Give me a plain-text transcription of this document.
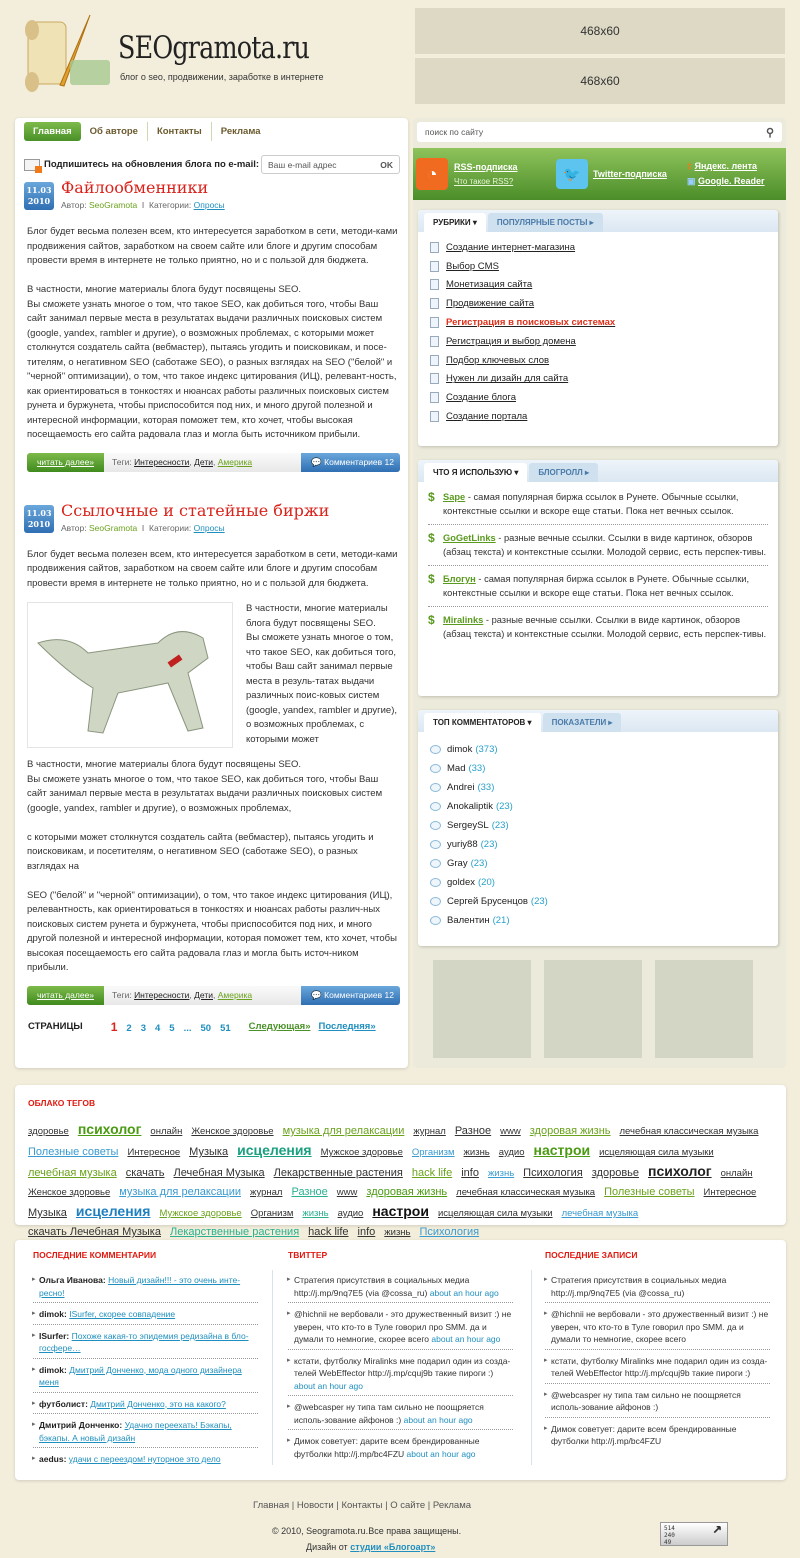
SEOgramota.ru
блог о seo, продвижении, заработке в интернете
468x60
468x60
Главная	Об авторе	Контакты	Реклама
Подпишитесь на обновления блога по e-mail: Ваш e-mail адрес	OK
11.03
2010
Файлообменники
Автор: SeoGramota  I  Категории: Опросы
Блог будет весьма полезен всем, кто интересуется заработком в сети, методи-ками продвижения сайтов, заработком на своем сайте или блоге и другим способам провести время в интернете не только приятно, но и с пользой для бюджета.

В частности, многие материалы блога будут посвящены SEO.
Вы сможете узнать многое о том, что такое SEO, как добиться того, чтобы Ваш сайт занимал первые места в результатах выдачи различных поисковых систем (google, yandex, rambler и другие), о возможных проблемах, с которыми может столкнутся создатель сайта (вебмастер), пытаясь угодить и поисковикам, и посе-тителям, о негативном SEO (саботаже SEO), о разных взглядах на SEO ("белой" и "черной" оптимизации), о том, что такое индекс цитирования (ИЦ), релевант-ность, как ориентироваться в тонкостях и нюансах работы различных поисковых систем рунета и буржунета, чтобы приспособится под них, и много другой полезной и интересной информации, которая поможет тем, кто хочет, чтобы высокая посещаемость его сайта радовала глаз и могла быть источником прибыли.
читать далее»	Теги: Интересности, Дети, Америка	💬 Комментариев 12
11.03
2010
Ссылочные и статейные биржи
Автор: SeoGramota  I  Категории: Опросы
Блог будет весьма полезен всем, кто интересуется заработком в сети, методи-ками продвижения сайтов, заработком на своем сайте или блоге и другим способам провести время в интернете не только приятно, но и с пользой для бюджета.
В частности, многие материалы блога будут посвящены SEO.
Вы сможете узнать многое о том, что такое SEO, как добиться того, чтобы Ваш сайт занимал первые места в резуль-татах выдачи различных поис-ковых систем (google, yandex, rambler и другие), о возможных проблемах, с которыми может
В частности, многие материалы блога будут посвящены SEO.
Вы сможете узнать многое о том, что такое SEO, как добиться того, чтобы Ваш сайт занимал первые места в результатах выдачи различных поисковых систем (google, yandex, rambler и другие), о возможных проблемах,

с которыми может столкнутся создатель сайта (вебмастер), пытаясь угодить и поисковикам, и посетителям, о негативном SEO (саботаже SEO), о разных взглядах на

SEO ("белой" и "черной" оптимизации), о том, что такое индекс цитирования (ИЦ), релевантность, как ориентироваться в тонкостях и нюансах работы различ-ных поисковых систем рунета и буржунета, чтобы приспособится под них, и много другой полезной и интересной информации, которая поможет тем, кто хочет, чтобы высокая посещаемость его сайта радовала глаз и могла быть источ-ником прибыли.
читать далее»	Теги: Интересности, Дети, Америка	💬 Комментариев 12
СТРАНИЦЫ 1 2 3 4 5 ... 50 51 Следующая» Последняя»
поиск по сайту	⚲
◔	RSS-подписка
Что такое RSS?	🐦	Twitter-подписка
‡ Яндекс. лента
▣ Google. Reader
РУБРИКИ ▾	ПОПУЛЯРНЫЕ ПОСТЫ ▸
Создание интернет-магазина
Выбор CMS
Монетизация сайта
Продвижение сайта
Регистрация в поисковых системах
Регистрация и выбор домена
Подбор ключевых слов
Нужен ли дизайн для сайта
Создание блога
Создание портала
ЧТО Я ИСПОЛЬЗУЮ ▾	БЛОГРОЛЛ ▸
$ Sape - самая популярная биржа ссылок в Рунете. Обычные ссылки, контекстные ссылки и вскоре еще статьи. Пока нет вечных ссылок.
$ GoGetLinks - разные вечные ссылки. Ссылки в виде картинок, обзоров (абзац текста) и контекстные ссылки. Молодой сервис, есть перспек-тивы.
$ Блогун - самая популярная биржа ссылок в Рунете. Обычные ссылки, контекстные ссылки и вскоре еще статьи. Пока нет вечных ссылок.
$ Miralinks - разные вечные ссылки. Ссылки в виде картинок, обзоров (абзац текста) и контекстные ссылки. Молодой сервис, есть перспек-тивы.
ТОП КОММЕНТАТОРОВ ▾	ПОКАЗАТЕЛИ ▸
dimok (373)
Mad (33)
Andrei (33)
Anokaliptik (23)
SergeySL (23)
yuriy88 (23)
Gray (23)
goldex (20)
Сергей Брусенцов (23)
Валентин (21)
ОБЛАКО ТЕГОВ
здоровье психолог онлайн Женское здоровье музыка для релаксации журнал Разное www здоровая жизнь лечебная классическая музыка
Полезные советы Интересное Музыка исцеления Мужское здоровье Организм жизнь аудио настрои исцеляющая сила музыки
лечебная музыка скачать Лечебная Музыка Лекарственные растения hack life info жизнь Психология здоровье психолог онлайн
Женское здоровье музыка для релаксации журнал Разное www здоровая жизнь лечебная классическая музыка Полезные советы Интересное
Музыка исцеления Мужское здоровье Организм жизнь аудио настрои исцеляющая сила музыки лечебная музыка
скачать Лечебная Музыка Лекарственные растения hack life info жизнь Психология
ПОСЛЕДНИЕ КОММЕНТАРИИ
▸ Ольга Иванова: Новый дизайн!!! - это очень инте-ресно!
▸ dimok: ISurfer, скорее совпадение
▸ ISurfer: Похоже какая-то эпидемия редизайна в бло-госфере…
▸ dimok: Дмитрий Донченко, мода одного дизайнера меня
▸ футболист: Дмитрий Донченко, это на какого?
▸ Дмитрий Донченко: Удачно переехать! Бэкапы, бэкапы. А новый дизайн
▸ aedus: удачи с переездом! нуторное это дело
ТВИТТЕР
▸ Стратегия присутствия в социальных медиа http://j.mp/9nq7E5 (via @cossa_ru) about an hour ago
▸ @hichnii не вербовали - это дружественный визит :) не уверен, что кто-то в Туле говорил про SMM. да и думали то немногие, скорее всего about an hour ago
▸ кстати, футболку Miralinks мне подарил один из созда-телей WebEffector http://j.mp/cquj9b такие пироги :) about an hour ago
▸ @webcasper ну типа там сильно не поощряется исполь-зование айфонов :) about an hour ago
▸ Димок советует: дарите всем брендированные футболки http://j.mp/bc4FZU about an hour ago
ПОСЛЕДНИЕ ЗАПИСИ
▸ Стратегия присутствия в социальных медиа http://j.mp/9nq7E5 (via @cossa_ru)
▸ @hichnii не вербовали - это дружественный визит :) не уверен, что кто-то в Туле говорил про SMM. да и думали то немногие, скорее всего
▸ кстати, футболку Miralinks мне подарил один из созда-телей WebEffector http://j.mp/cquj9b такие пироги :)
▸ @webcasper ну типа там сильно не поощряется исполь-зование айфонов :)
▸ Димок советует: дарите всем брендированные футболки http://j.mp/bc4FZU
Главная | Новости | Контакты | О сайте | Реклама
© 2010, Seogramota.ru.Все права защищены.
Дизайн от студии «Блогоарт»
514
240
49
↗
